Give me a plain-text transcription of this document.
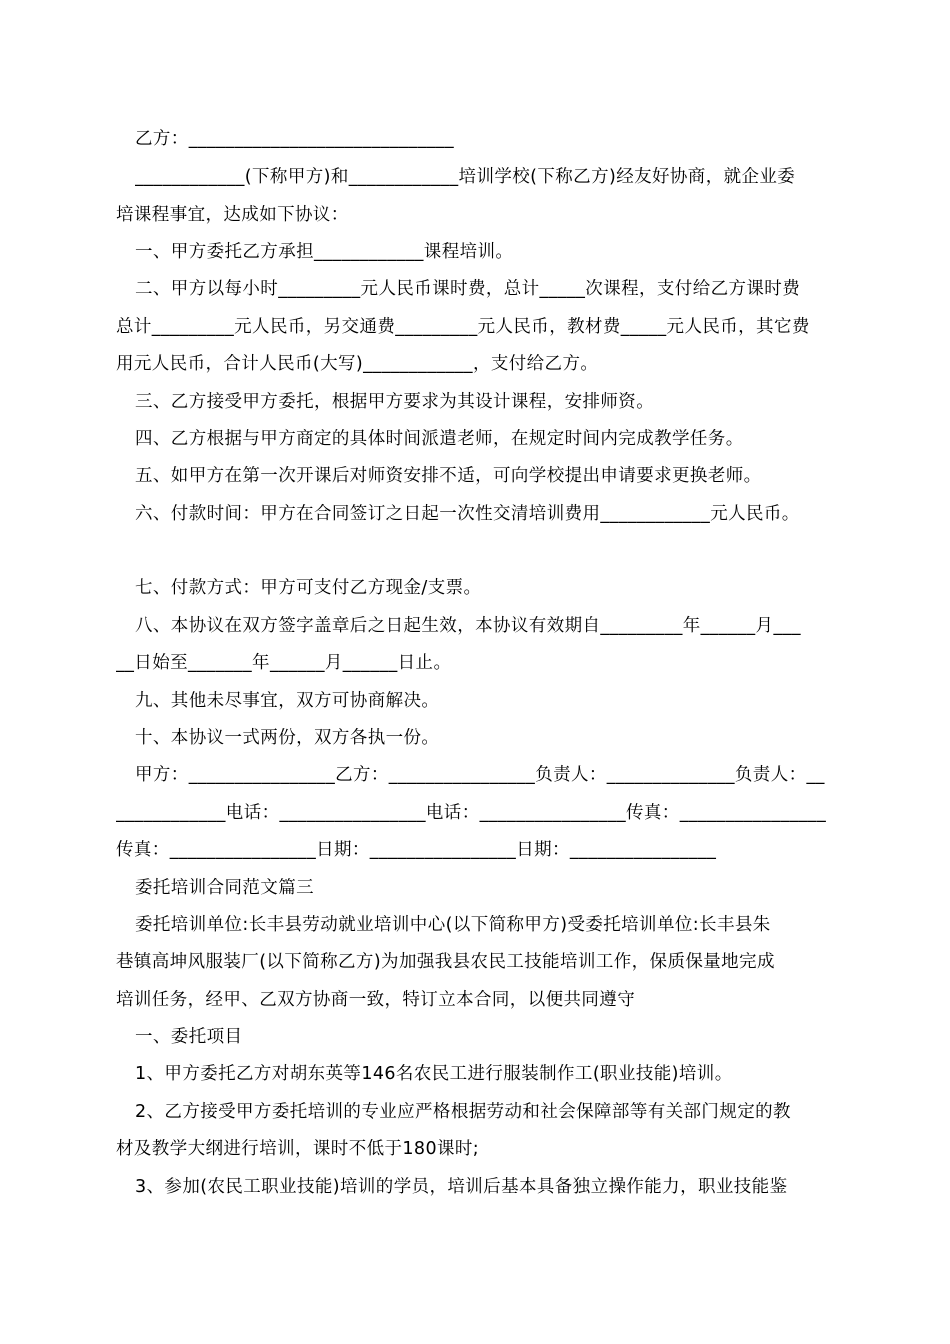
乙方：_____________________________
____________(下称甲方)和____________培训学校(下称乙方)经友好协商，就企业委
培课程事宜，达成如下协议：
一、甲方委托乙方承担____________课程培训。
二、甲方以每小时_________元人民币课时费，总计_____次课程，支付给乙方课时费
总计_________元人民币，另交通费_________元人民币，教材费_____元人民币，其它费
用元人民币，合计人民币(大写)____________，支付给乙方。
三、乙方接受甲方委托，根据甲方要求为其设计课程，安排师资。
四、乙方根据与甲方商定的具体时间派遣老师，在规定时间内完成教学任务。
五、如甲方在第一次开课后对师资安排不适，可向学校提出申请要求更换老师。
六、付款时间：甲方在合同签订之日起一次性交清培训费用____________元人民币。
七、付款方式：甲方可支付乙方现金/支票。
八、本协议在双方签字盖章后之日起生效，本协议有效期自_________年______月___
__日始至_______年______月______日止。
九、其他未尽事宜，双方可协商解决。
十、本协议一式两份，双方各执一份。
甲方：________________乙方：________________负责人：______________负责人：__
____________电话：________________电话：________________传真：________________
传真：________________日期：________________日期：________________
委托培训合同范文篇三
委托培训单位:长丰县劳动就业培训中心(以下简称甲方)受委托培训单位:长丰县朱
巷镇高坤风服装厂(以下简称乙方)为加强我县农民工技能培训工作，保质保量地完成
培训任务，经甲、乙双方协商一致，特订立本合同，以便共同遵守
一、委托项目
1、甲方委托乙方对胡东英等146名农民工进行服装制作工(职业技能)培训。
2、乙方接受甲方委托培训的专业应严格根据劳动和社会保障部等有关部门规定的教
材及教学大纲进行培训，课时不低于180课时;
3、参加(农民工职业技能)培训的学员，培训后基本具备独立操作能力，职业技能鉴
